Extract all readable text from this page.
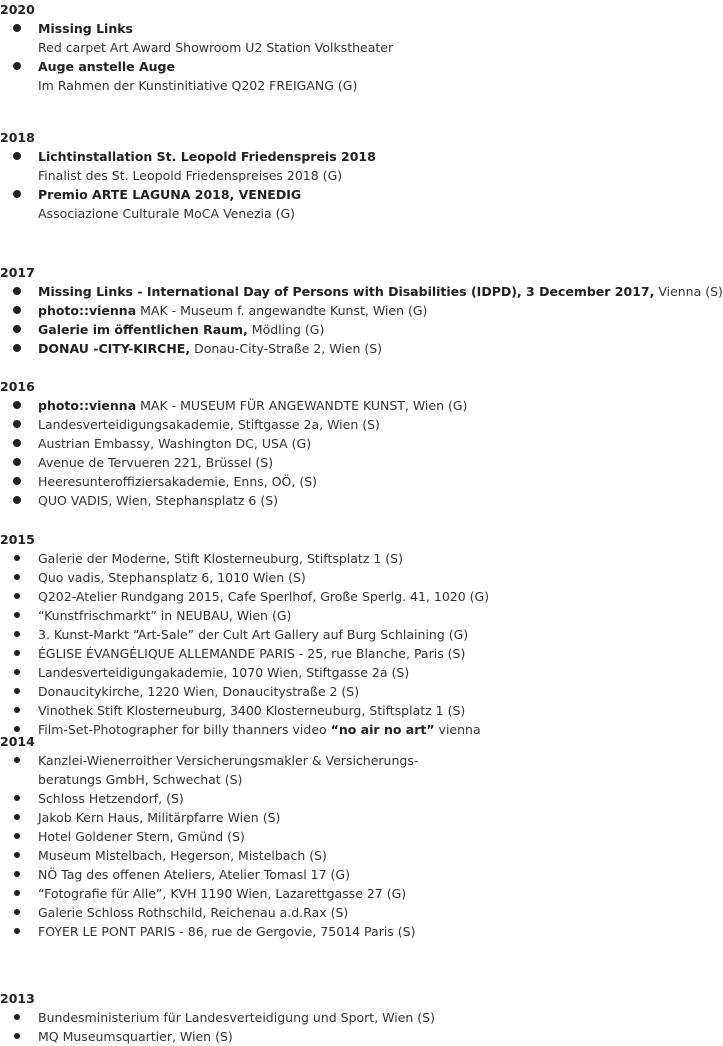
2020
Missing Links
Red carpet Art Award Showroom U2 Station Volkstheater
Auge anstelle Auge
Im Rahmen der Kunstinitiative Q202 FREIGANG (G)
2018
Lichtinstallation St. Leopold Friedenspreis 2018
Finalist des St. Leopold Friedenspreises 2018 (G)
Premio ARTE LAGUNA 2018, VENEDIG
Associazione Culturale MoCA Venezia (G)
2017
Missing Links - International Day of Persons with Disabilities (IDPD), 3 December 2017, Vienna (S)
photo::vienna MAK - Museum f. angewandte Kunst, Wien (G)
Galerie im öffentlichen Raum, Mödling (G)
DONAU -CITY-KIRCHE, Donau-City-Straße 2, Wien (S)
2016
photo::vienna MAK - MUSEUM FÜR ANGEWANDTE KUNST, Wien (G)
Landesverteidigungsakademie, Stiftgasse 2a, Wien (S)
Austrian Embassy, Washington DC, USA (G)
Avenue de Tervueren 221, Brüssel (S)
Heeresunteroffiziersakademie, Enns, OÖ, (S)
QUO VADIS, Wien, Stephansplatz 6 (S)
2015
Galerie der Moderne, Stift Klosterneuburg, Stiftsplatz 1 (S)
Quo vadis, Stephansplatz 6, 1010 Wien (S)
Q202-Atelier Rundgang 2015, Cafe Sperlhof, Große Sperlg. 41, 1020 (G)
“Kunstfrischmarkt” in NEUBAU, Wien (G)
3. Kunst-Markt “Art-Sale” der Cult Art Gallery auf Burg Schlaining (G)
ÉGLISE ÉVANGÉLIQUE ALLEMANDE PARIS - 25, rue Blanche, Paris (S)
Landesverteidigungakademie, 1070 Wien, Stiftgasse 2a (S)
Donaucitykirche, 1220 Wien, Donaucitystraße 2 (S)
Vinothek Stift Klosterneuburg, 3400 Klosterneuburg, Stiftsplatz 1 (S)
Film-Set-Photographer for billy thanners video “no air no art” vienna
2014
Kanzlei-Wienerroither Versicherungsmakler & Versicherungs-
beratungs GmbH, Schwechat (S)
Schloss Hetzendorf, (S)
Jakob Kern Haus, Militärpfarre Wien (S)
Hotel Goldener Stern, Gmünd (S)
Museum Mistelbach, Hegerson, Mistelbach (S)
NÖ Tag des offenen Ateliers, Atelier Tomasl 17 (G)
“Fotografie für Alle”, KVH 1190 Wien, Lazarettgasse 27 (G)
Galerie Schloss Rothschild, Reichenau a.d.Rax (S)
FOYER LE PONT PARIS - 86, rue de Gergovie, 75014 Paris (S)
2013
Bundesministerium für Landesverteidigung und Sport, Wien (S)
MQ Museumsquartier, Wien (S)
